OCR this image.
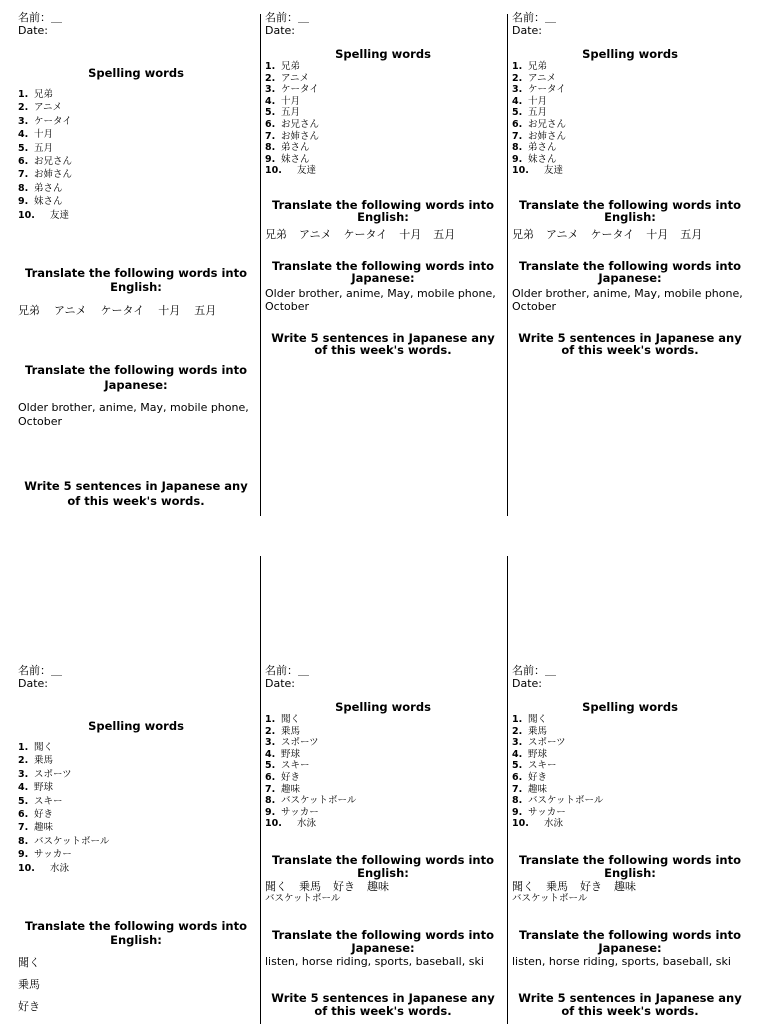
名前：＿
Date:
Spelling words
1. 兄弟
2. アニメ
3. ケータイ
4. 十月
5. 五月
6. お兄さん
7. お姉さん
8. 弟さん
9. 妹さん
10. 友達
Translate the following words into English:
兄弟 アニメ ケータイ 十月 五月
Translate the following words into Japanese:
Older brother, anime, May, mobile phone, October
Write 5 sentences in Japanese any of this week's words.
名前：＿
Date:
Spelling words
1. 兄弟
2. アニメ
3. ケータイ
4. 十月
5. 五月
6. お兄さん
7. お姉さん
8. 弟さん
9. 妹さん
10. 友達
Translate the following words into English:
兄弟 アニメ ケータイ 十月 五月
Translate the following words into Japanese:
Older brother, anime, May, mobile phone, October
Write 5 sentences in Japanese any of this week's words.
名前：＿
Date:
Spelling words
1. 兄弟
2. アニメ
3. ケータイ
4. 十月
5. 五月
6. お兄さん
7. お姉さん
8. 弟さん
9. 妹さん
10. 友達
Translate the following words into English:
兄弟 アニメ ケータイ 十月 五月
Translate the following words into Japanese:
Older brother, anime, May, mobile phone, October
Write 5 sentences in Japanese any of this week's words.
名前：＿
Date:
Spelling words
1. 聞く
2. 乗馬
3. スポーツ
4. 野球
5. スキー
6. 好き
7. 趣味
8. バスケットボール
9. サッカー
10. 水泳
Translate the following words into English:
聞く
乗馬
好き
名前：＿
Date:
Spelling words
1. 聞く
2. 乗馬
3. スポーツ
4. 野球
5. スキー
6. 好き
7. 趣味
8. バスケットボール
9. サッカー
10. 水泳
Translate the following words into English:
聞く 乗馬 好き 趣味
バスケットボール
Translate the following words into Japanese:
listen, horse riding, sports, baseball, ski
Write 5 sentences in Japanese any of this week's words.
名前：＿
Date:
Spelling words
1. 聞く
2. 乗馬
3. スポーツ
4. 野球
5. スキー
6. 好き
7. 趣味
8. バスケットボール
9. サッカー
10. 水泳
Translate the following words into English:
聞く 乗馬 好き 趣味
バスケットボール
Translate the following words into Japanese:
listen, horse riding, sports, baseball, ski
Write 5 sentences in Japanese any of this week's words.
